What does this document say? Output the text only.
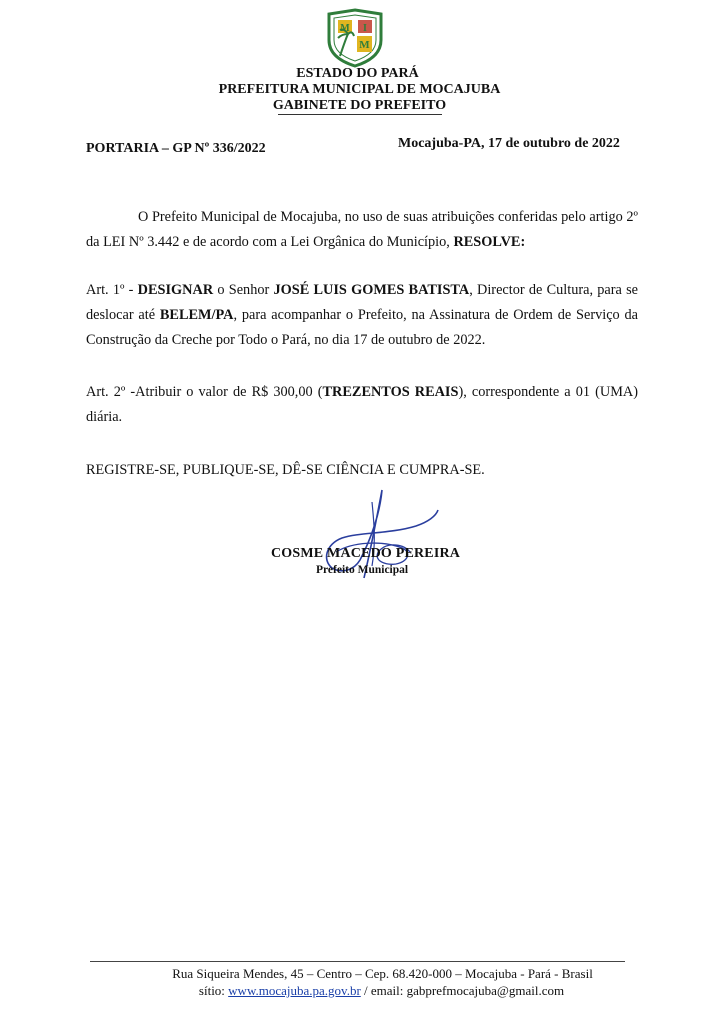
M I
M
ESTADO DO PARÁ
PREFEITURA MUNICIPAL DE MOCAJUBA
GABINETE DO PREFEITO
PORTARIA – GP Nº 336/2022	Mocajuba-PA, 17 de outubro de 2022
O Prefeito Municipal de Mocajuba, no uso de suas atribuições conferidas pelo artigo 2º da LEI Nº 3.442 e de acordo com a Lei Orgânica do Município, RESOLVE:
Art. 1º - DESIGNAR o Senhor JOSÉ LUIS GOMES BATISTA, Director de Cultura, para se deslocar até BELEM/PA, para acompanhar o Prefeito, na Assinatura de Ordem de Serviço da Construção da Creche por Todo o Pará, no dia 17 de outubro de 2022.
Art. 2º -Atribuir o valor de R$ 300,00 (TREZENTOS REAIS), correspondente a 01 (UMA) diária.
REGISTRE-SE, PUBLIQUE-SE, DÊ-SE CIÊNCIA E CUMPRA-SE.
COSME MACEDO PEREIRA
Prefeito Municipal
Rua Siqueira Mendes, 45 – Centro – Cep. 68.420-000 – Mocajuba - Pará - Brasil
sítio: www.mocajuba.pa.gov.br / email: gabprefmocajuba@gmail.com
